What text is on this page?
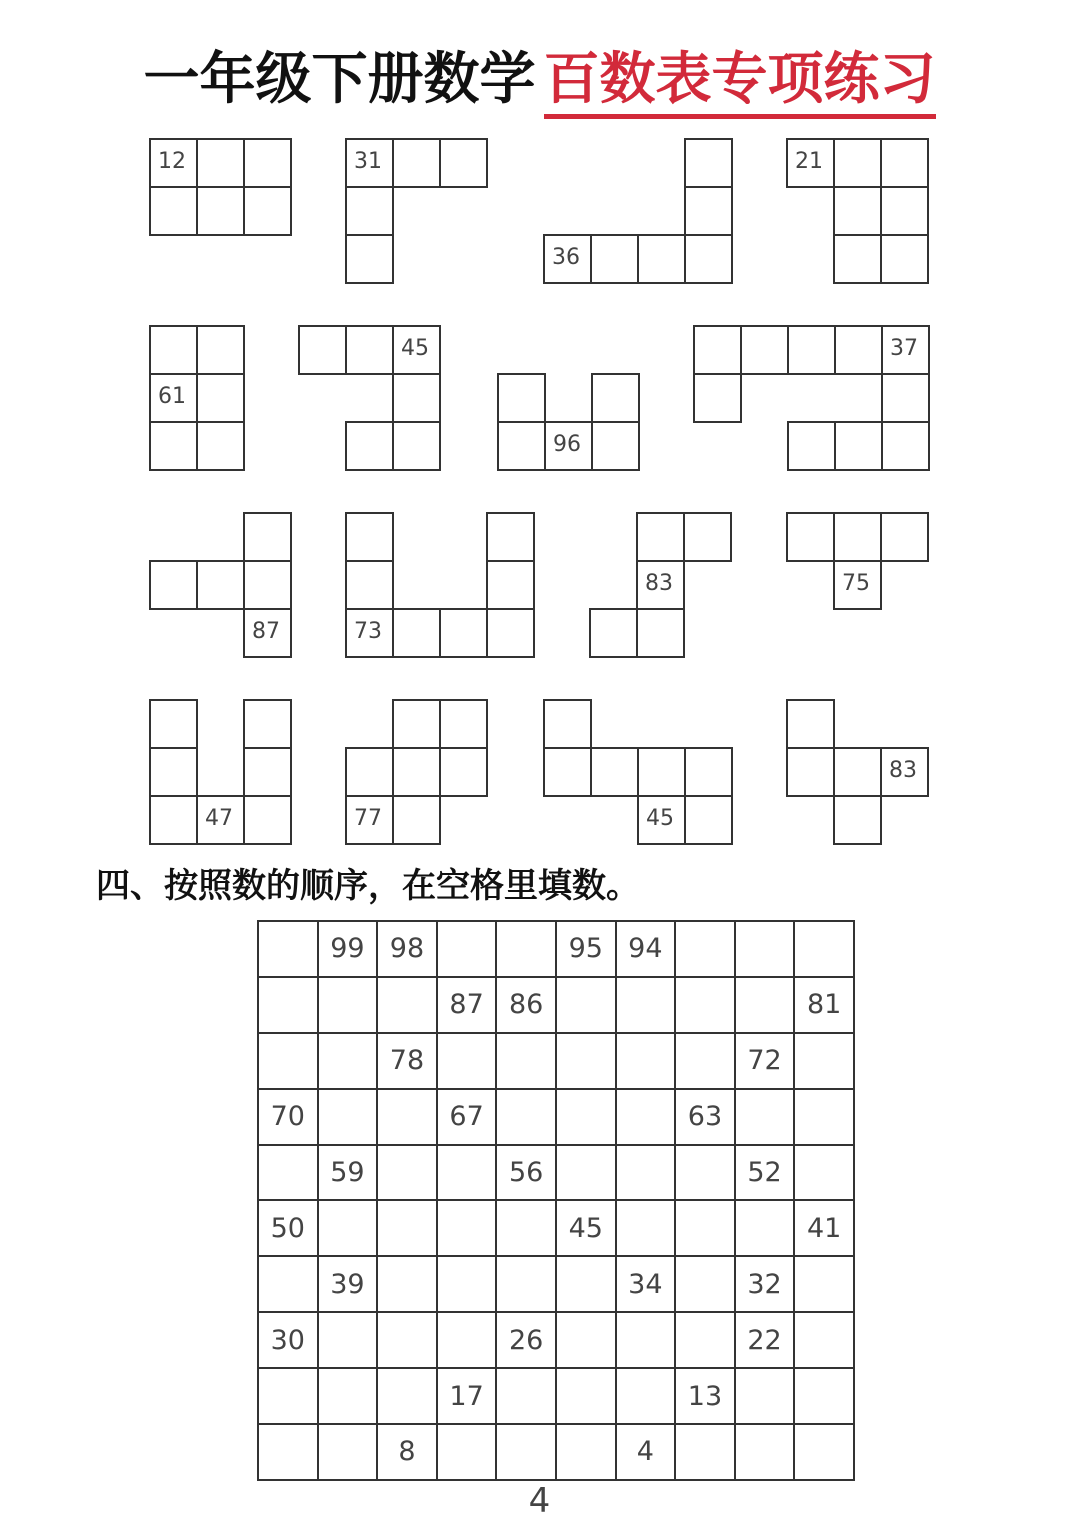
一年级下册数学 百数表专项练习
12	31
36
21
61
45
96
37
87	73
83	75
47	77	45
83
四、按照数的顺序，在空格里填数。
	99	98			95	94			
			87	86					81
		78						72	
70			67				63		
	59			56				52	
50					45				41
	39					34		32	
30				26				22	
			17				13		
		8				4			
4
